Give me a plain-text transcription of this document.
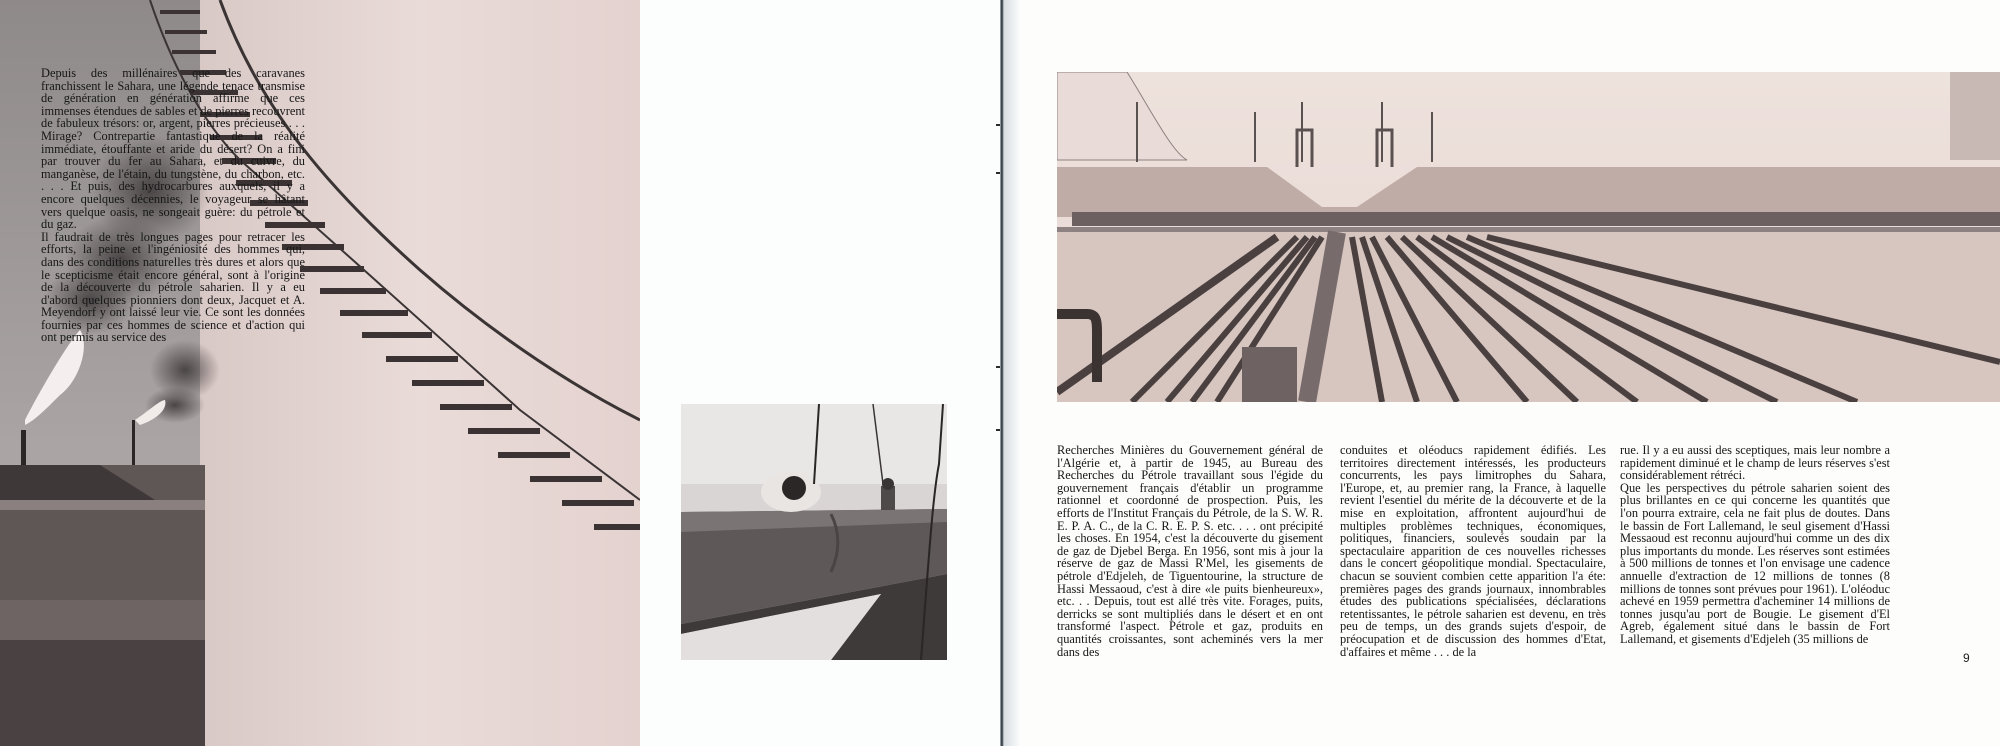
Depuis des millénaires que des caravanes franchissent le Sahara, une légende tenace transmise de génération en génération affirme que ces immenses étendues de sables et de pierres recouvrent de fabuleux trésors: or, argent, pierres précieuses . . . Mirage? Contrepartie fantastique de la réalité immédiate, étouffante et aride du désert? On a fini par trouver du fer au Sahara, et du cuivre, du manganèse, de l'étain, du tungstène, du charbon, etc. . . . Et puis, des hydrocarbures auxquels, il y a encore quelques décennies, le voyageur se hâtant vers quelque oasis, ne songeait guère: du pétrole et du gaz.

Il faudrait de très longues pages pour retracer les efforts, la peine et l'ingéniosité des hommes qui, dans des conditions naturelles très dures et alors que le scepticisme était encore général, sont à l'origine de la découverte du pétrole saharien. Il y a eu d'abord quelques pionniers dont deux, Jacquet et A. Meyendorf y ont laissé leur vie. Ce sont les données fournies par ces hommes de science et d'action qui ont permis au service des

Recherches Minières du Gouvernement général de l'Algérie et, à partir de 1945, au Bureau des Recherches du Pétrole travaillant sous l'égide du gouvernement français d'établir un programme rationnel et coordonné de prospection. Puis, les efforts de l'Institut Français du Pétrole, de la S. W. R. E. P. A. C., de la C. R. E. P. S. etc. . . . ont précipité les choses. En 1954, c'est la découverte du gisement de gaz de Djebel Berga. En 1956, sont mis à jour la réserve de gaz de Massi R'Mel, les gisements de pétrole d'Edjeleh, de Tiguentourine, la structure de Hassi Messaoud, c'est à dire «le puits bienheureux», etc. . . Depuis, tout est allé très vite. Forages, puits, derricks se sont multipliés dans le désert et en ont transformé l'aspect. Pétrole et gaz, produits en quantités croissantes, sont acheminés vers la mer dans des

conduites et oléoducs rapidement édifiés. Les territoires directement intéressés, les producteurs concurrents, les pays limitrophes du Sahara, l'Europe, et, au premier rang, la France, à laquelle revient l'esentiel du mérite de la découverte et de la mise en exploitation, affrontent aujourd'hui de multiples problèmes techniques, économiques, politiques, financiers, soulevés soudain par la spectaculaire apparition de ces nouvelles richesses dans le concert géopolitique mondial. Spectaculaire, chacun se souvient combien cette apparition l'a éte: premières pages des grands journaux, innombrables études des publications spécialisées, déclarations retentissantes, le pétrole saharien est devenu, en très peu de temps, un des grands sujets d'espoir, de préocupation et de discussion des hommes d'Etat, d'affaires et même . . . de la

rue. Il y a eu aussi des sceptiques, mais leur nombre a rapidement diminué et le champ de leurs réserves s'est considérablement rétréci.

Que les perspectives du pétrole saharien soient des plus brillantes en ce qui concerne les quantités que l'on pourra extraire, cela ne fait plus de doutes. Dans le bassin de Fort Lallemand, le seul gisement d'Hassi Messaoud est reconnu aujourd'hui comme un des dix plus importants du monde. Les réserves sont estimées à 500 millions de tonnes et l'on envisage une cadence annuelle d'extraction de 12 millions de tonnes (8 millions de tonnes sont prévues pour 1961). L'oléoduc achevé en 1959 permettra d'acheminer 14 millions de tonnes jusqu'au port de Bougie. Le gisement d'El Agreb, également situé dans le bassin de Fort Lallemand, et gisements d'Edjeleh (35 millions de

9
